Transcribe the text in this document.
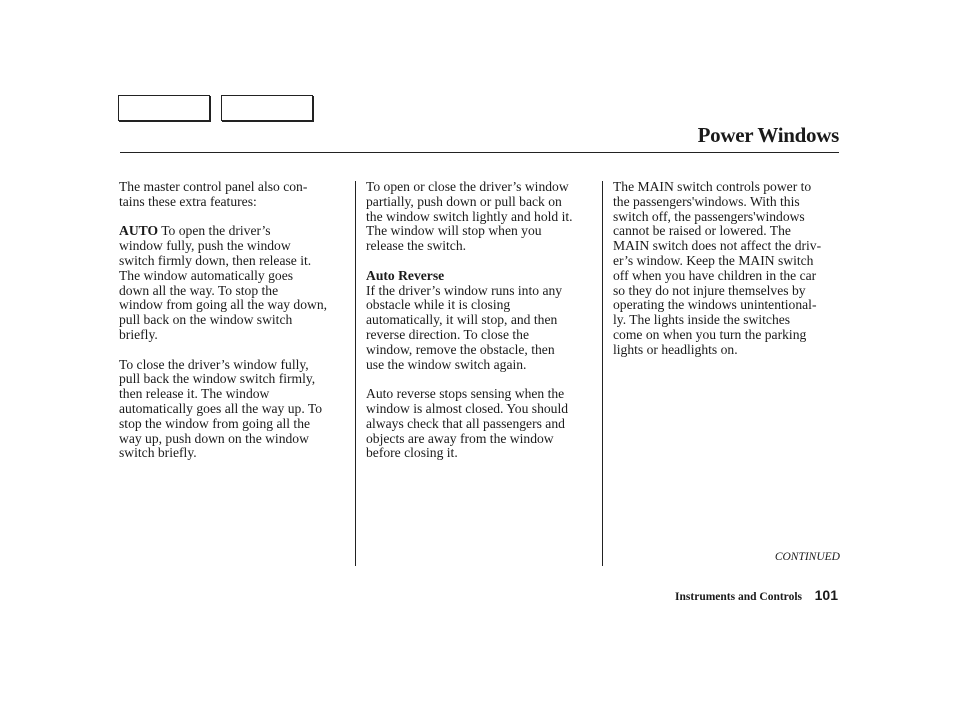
Power Windows

The master control panel also con-
tains these extra features:

AUTO To open the driver’s
window fully, push the window
switch firmly down, then release it.
The window automatically goes
down all the way. To stop the
window from going all the way down,
pull back on the window switch
briefly.

To close the driver’s window fully,
pull back the window switch firmly,
then release it. The window
automatically goes all the way up. To
stop the window from going all the
way up, push down on the window
switch briefly.

To open or close the driver’s window
partially, push down or pull back on
the window switch lightly and hold it.
The window will stop when you
release the switch.

Auto Reverse
If the driver’s window runs into any
obstacle while it is closing
automatically, it will stop, and then
reverse direction. To close the
window, remove the obstacle, then
use the window switch again.

Auto reverse stops sensing when the
window is almost closed. You should
always check that all passengers and
objects are away from the window
before closing it.

The MAIN switch controls power to
the passengers'windows. With this
switch off, the passengers'windows
cannot be raised or lowered. The
MAIN switch does not affect the driv-
er’s window. Keep the MAIN switch
off when you have children in the car
so they do not injure themselves by
operating the windows unintentional-
ly. The lights inside the switches
come on when you turn the parking
lights or headlights on.

CONTINUED
Instruments and Controls 101
